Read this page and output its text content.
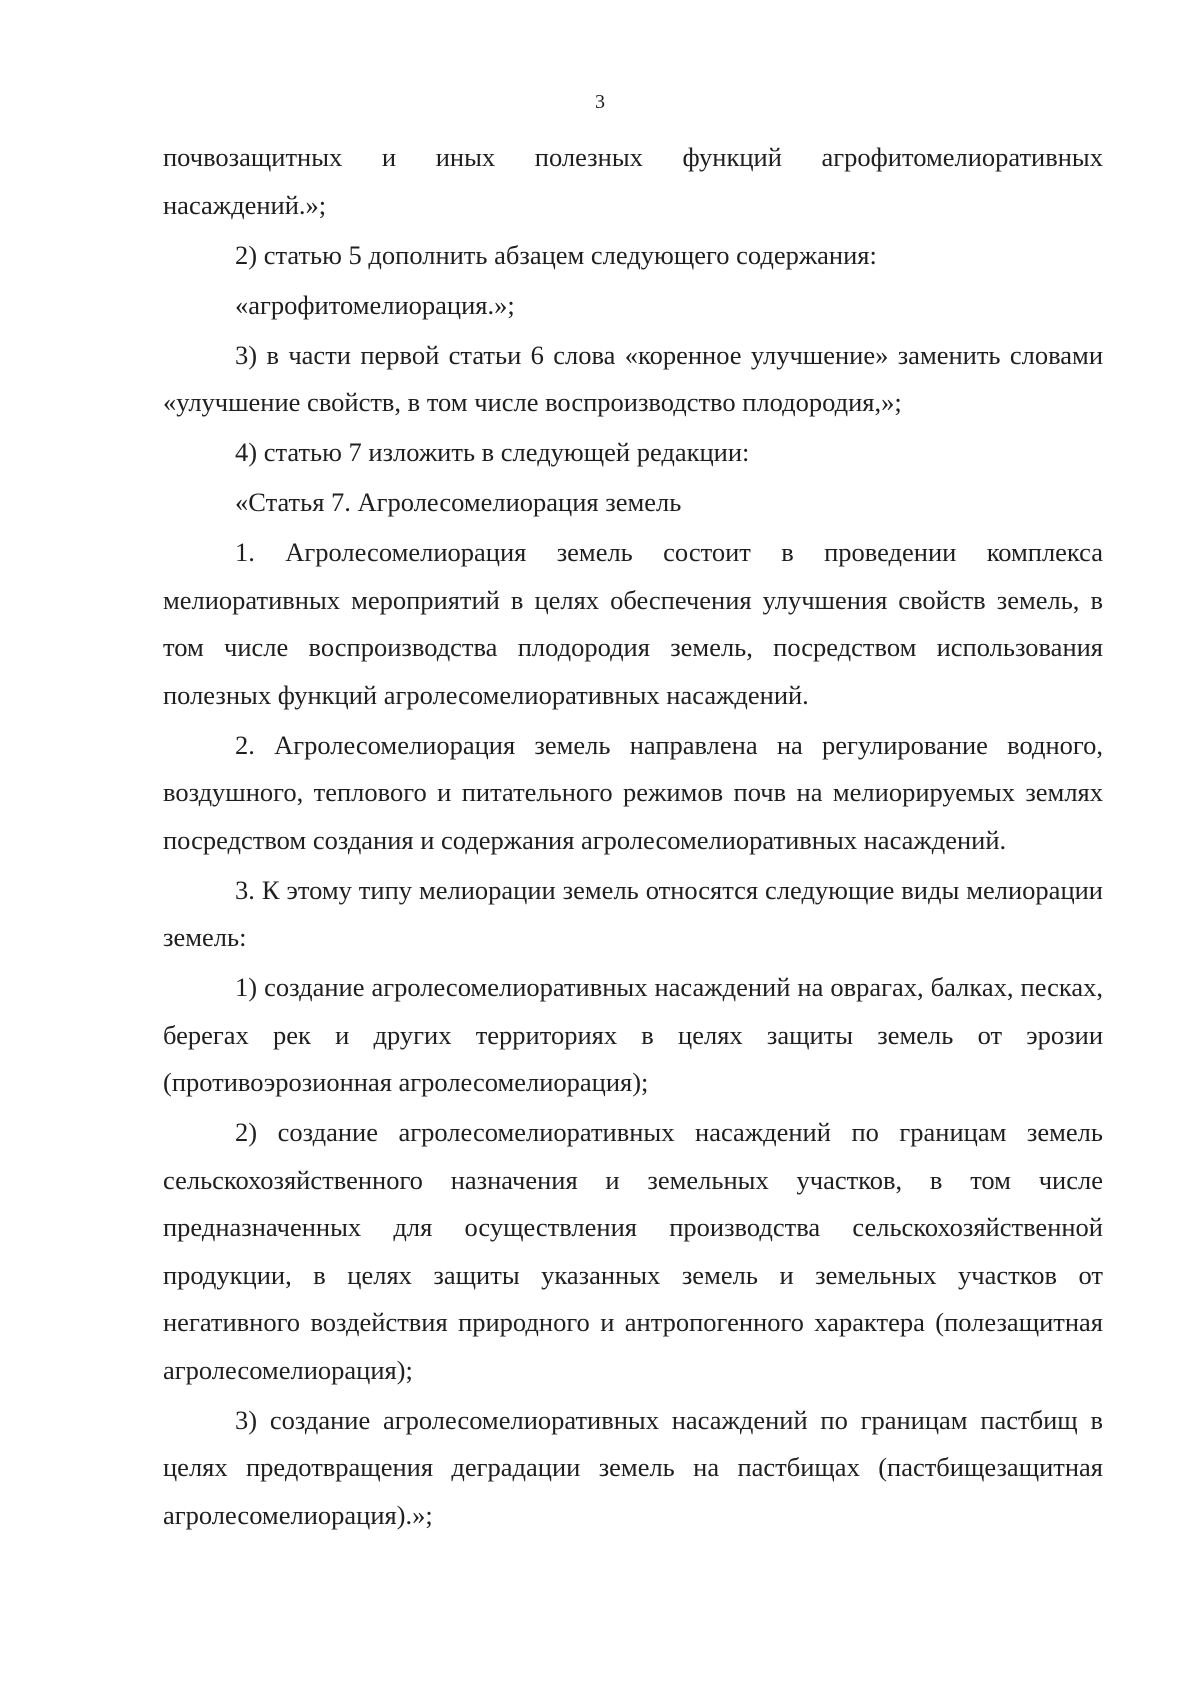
3

почвозащитных и иных полезных функций агрофитомелиоративных насаждений.»;

2) статью 5 дополнить абзацем следующего содержания:

«агрофитомелиорация.»;

3) в части первой статьи 6 слова «коренное улучшение» заменить словами «улучшение свойств, в том числе воспроизводство плодородия,»;

4) статью 7 изложить в следующей редакции:

«Статья 7. Агролесомелиорация земель

1. Агролесомелиорация земель состоит в проведении комплекса мелиоративных мероприятий в целях обеспечения улучшения свойств земель, в том числе воспроизводства плодородия земель, посредством использования полезных функций агролесомелиоративных насаждений.

2. Агролесомелиорация земель направлена на регулирование водного, воздушного, теплового и питательного режимов почв на мелиорируемых землях посредством создания и содержания агролесомелиоративных насаждений.

3. К этому типу мелиорации земель относятся следующие виды мелиорации земель:

1) создание агролесомелиоративных насаждений на оврагах, балках, песках, берегах рек и других территориях в целях защиты земель от эрозии (противоэрозионная агролесомелиорация);

2) создание агролесомелиоративных насаждений по границам земель сельскохозяйственного назначения и земельных участков, в том числе предназначенных для осуществления производства сельскохозяйственной продукции, в целях защиты указанных земель и земельных участков от негативного воздействия природного и антропогенного характера (полезащитная агролесомелиорация);

3) создание агролесомелиоративных насаждений по границам пастбищ в целях предотвращения деградации земель на пастбищах (пастбищезащитная агролесомелиорация).»;
